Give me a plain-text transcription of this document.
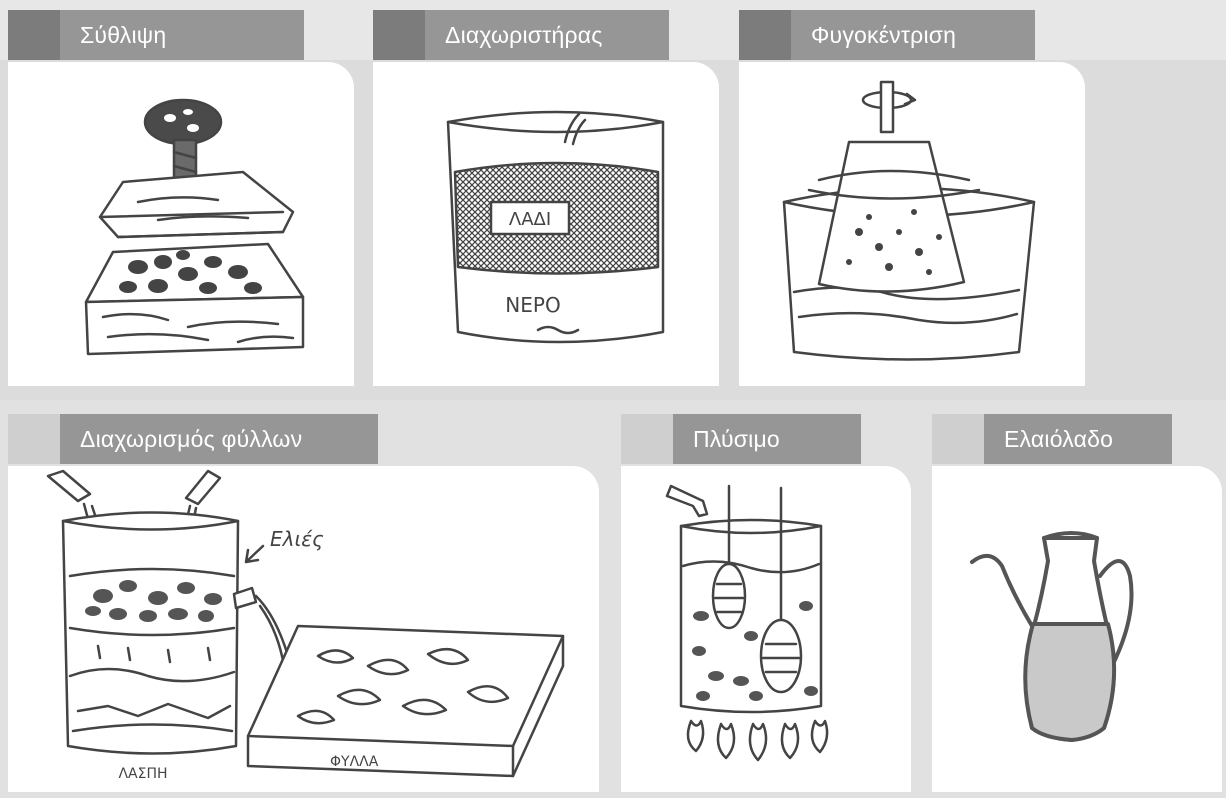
Σύθλιψη	Διαχωριστήρας
ΛΑΔΙ
ΝΕΡΟ
Φυγοκέντριση
Διαχωρισμός φύλλων
ΛΑΣΠΗ
Ελιές
ΦΥΛΛΑ
Πλύσιμο	Ελαιόλαδο
